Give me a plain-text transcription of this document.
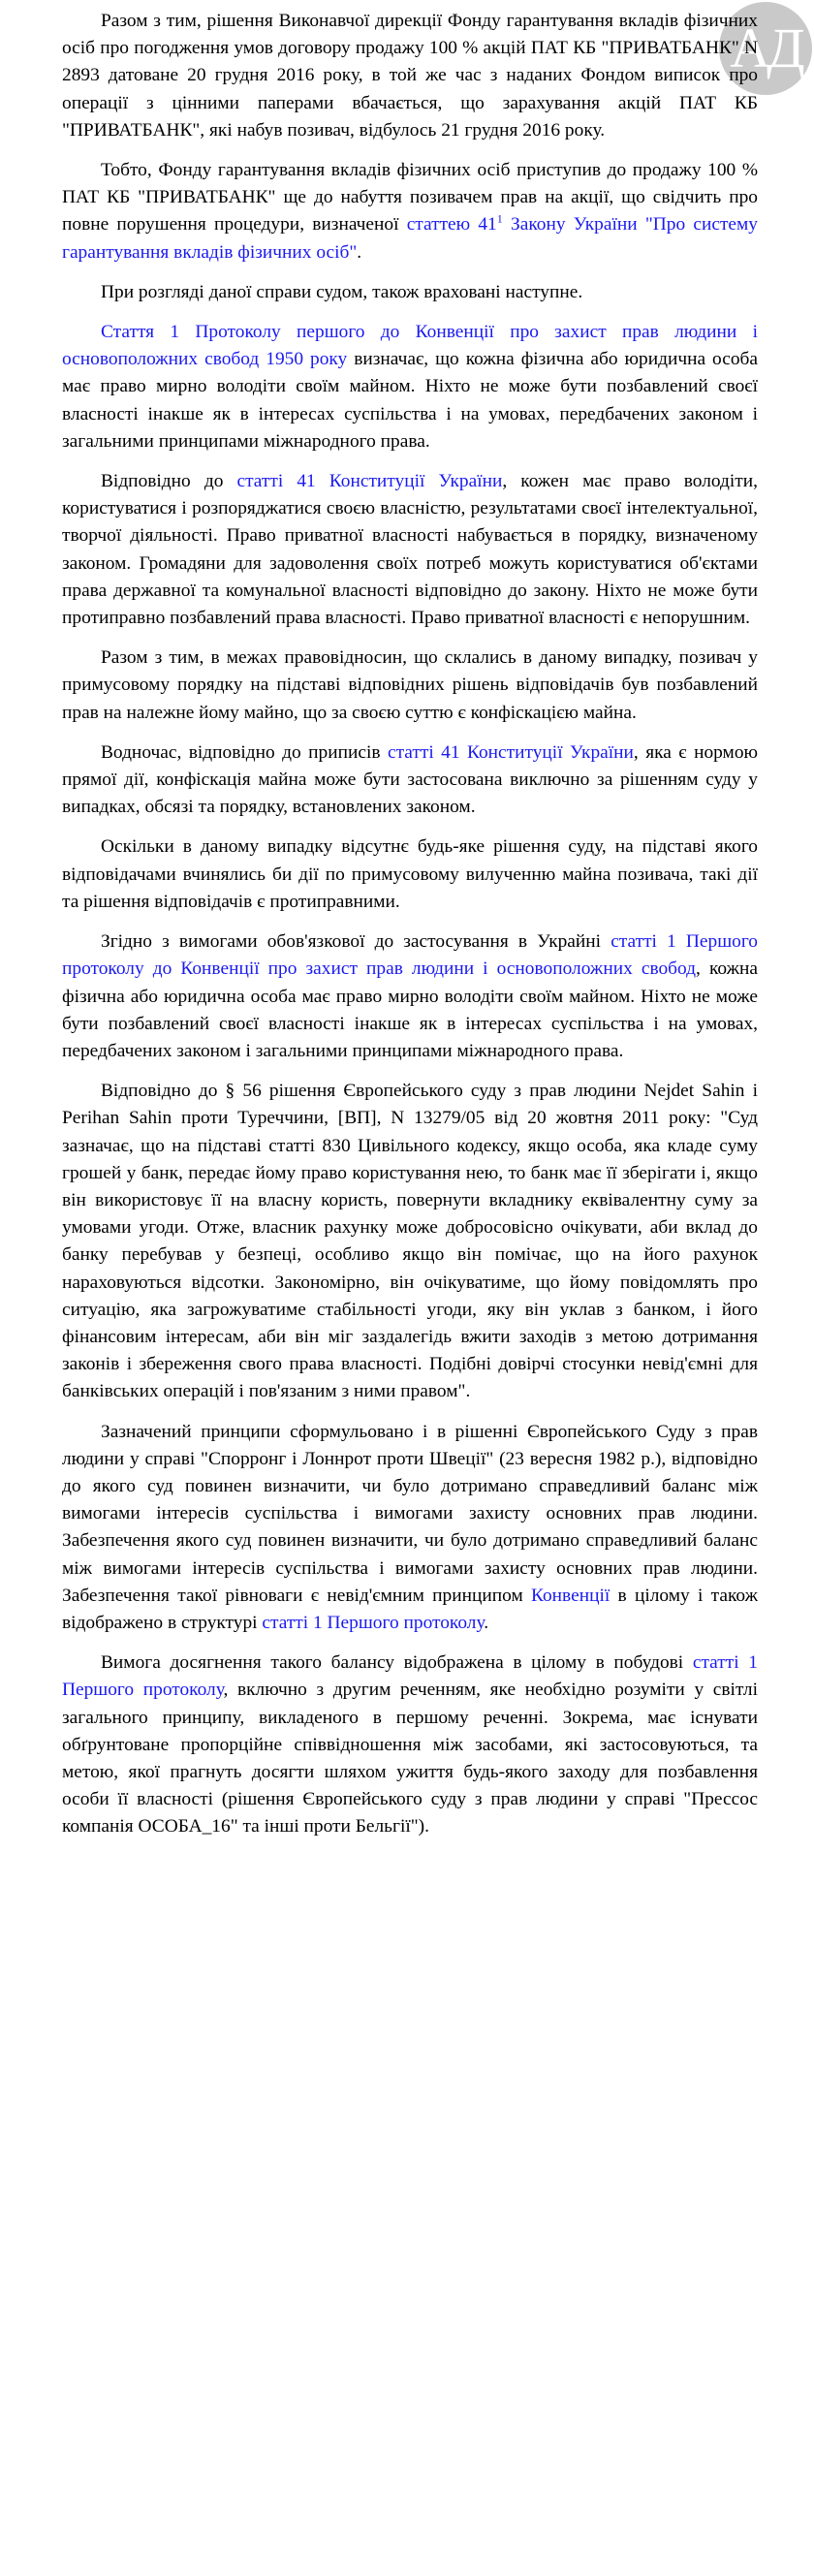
АД

Разом з тим, рішення Виконавчої дирекції Фонду гарантування вкладів фізичних осіб про погодження умов договору продажу 100 % акцій ПАТ КБ "ПРИВАТБАНК" N 2893 датоване 20 грудня 2016 року, в той же час з наданих Фондом виписок про операції з цінними паперами вбачається, що зарахування акцій ПАТ КБ "ПРИВАТБАНК", які набув позивач, відбулось 21 грудня 2016 року.

Тобто, Фонду гарантування вкладів фізичних осіб приступив до продажу 100 % ПАТ КБ "ПРИВАТБАНК" ще до набуття позивачем прав на акції, що свідчить про повне порушення процедури, визначеної статтею $41^1$ Закону України "Про систему гарантування вкладів фізичних осіб".

При розгляді даної справи судом, також враховані наступне.

Стаття 1 Протоколу першого до Конвенції про захист прав людини і основоположних свобод 1950 року визначає, що кожна фізична або юридична особа має право мирно володіти своїм майном. Ніхто не може бути позбавлений своєї власності інакше як в інтересах суспільства і на умовах, передбачених законом і загальними принципами міжнародного права.

Відповідно до статті 41 Конституції України, кожен має право володіти, користуватися і розпоряджатися своєю власністю, результатами своєї інтелектуальної, творчої діяльності. Право приватної власності набувається в порядку, визначеному законом. Громадяни для задоволення своїх потреб можуть користуватися об'єктами права державної та комунальної власності відповідно до закону. Ніхто не може бути протиправно позбавлений права власності. Право приватної власності є непорушним.

Разом з тим, в межах правовідносин, що склались в даному випадку, позивач у примусовому порядку на підставі відповідних рішень відповідачів був позбавлений прав на належне йому майно, що за своєю суттю є конфіскацією майна.

Водночас, відповідно до приписів статті 41 Конституції України, яка є нормою прямої дії, конфіскація майна може бути застосована виключно за рішенням суду у випадках, обсязі та порядку, встановлених законом.

Оскільки в даному випадку відсутнє будь-яке рішення суду, на підставі якого відповідачами вчинялись би дії по примусовому вилученню майна позивача, такі дії та рішення відповідачів є протиправними.

Згідно з вимогами обов'язкової до застосування в Украйні статті 1 Першого протоколу до Конвенції про захист прав людини і основоположних свобод, кожна фізична або юридична особа має право мирно володіти своїм майном. Ніхто не може бути позбавлений своєї власності інакше як в інтересах суспільства і на умовах, передбачених законом і загальними принципами міжнародного права.

Відповідно до § 56 рішення Європейського суду з прав людини Nejdet Sahin і Perihan Sahin проти Туреччини, [ВП], N 13279/05 від 20 жовтня 2011 року: "Суд зазначає, що на підставі статті 830 Цивільного кодексу, якщо особа, яка кладе суму грошей у банк, передає йому право користування нею, то банк має її зберігати і, якщо він використовує її на власну користь, повернути вкладнику еквівалентну суму за умовами угоди. Отже, власник рахунку може добросовісно очікувати, аби вклад до банку перебував у безпеці, особливо якщо він помічає, що на його рахунок нараховуються відсотки. Закономірно, він очікуватиме, що йому повідомлять про ситуацію, яка загрожуватиме стабільності угоди, яку він уклав з банком, і його фінансовим інтересам, аби він міг заздалегідь вжити заходів з метою дотримання законів і збереження свого права власності. Подібні довірчі стосунки невід'ємні для банківських операцій і пов'язаним з ними правом".

Зазначений принципи сформульовано і в рішенні Європейського Суду з прав людини у справі "Спорронг і Лоннрот проти Швеції" (23 вересня 1982 р.), відповідно до якого суд повинен визначити, чи було дотримано справедливий баланс між вимогами інтересів суспільства і вимогами захисту основних прав людини. Забезпечення якого суд повинен визначити, чи було дотримано справедливий баланс між вимогами інтересів суспільства і вимогами захисту основних прав людини. Забезпечення такої рівноваги є невід'ємним принципом Конвенції в цілому і також відображено в структурі статті 1 Першого протоколу.

Вимога досягнення такого балансу відображена в цілому в побудові статті 1 Першого протоколу, включно з другим реченням, яке необхідно розуміти у світлі загального принципу, викладеного в першому реченні. Зокрема, має існувати обґрунтоване пропорційне співвідношення між засобами, які застосовуються, та метою, якої прагнуть досягти шляхом ужиття будь-якого заходу для позбавлення особи її власності (рішення Європейського суду з прав людини у справі "Прессос компанія ОСОБА_16" та інші проти Бельгії").
